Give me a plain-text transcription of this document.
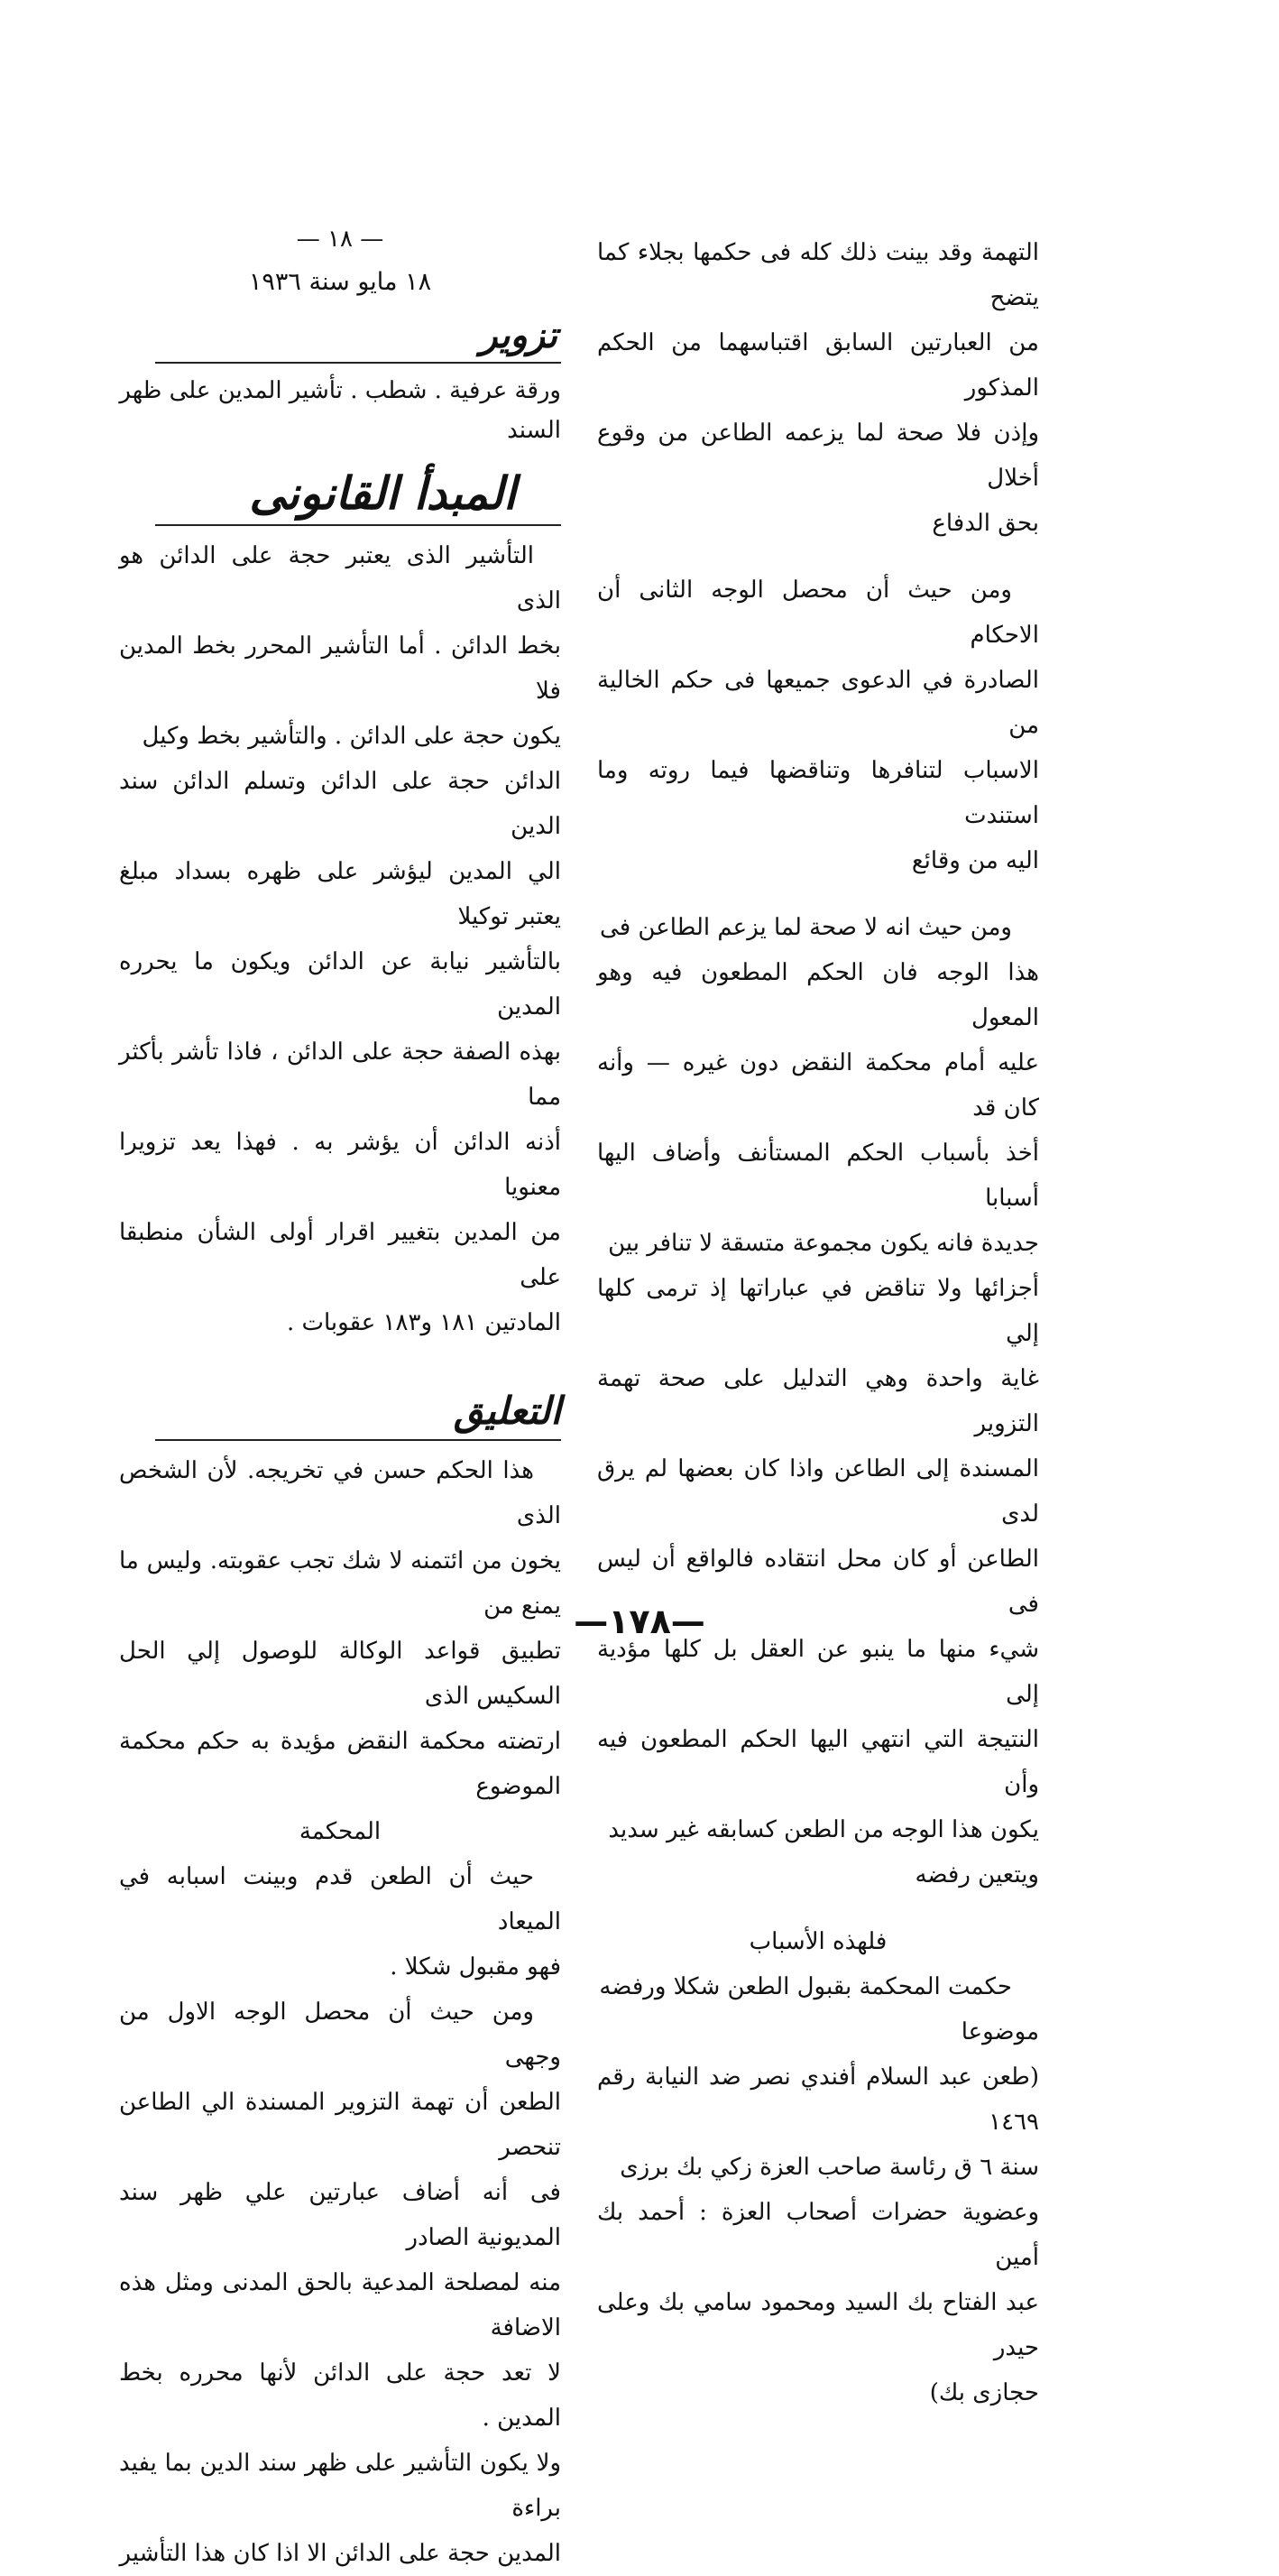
التهمة وقد بينت ذلك كله فى حكمها بجلاء كما يتضح

من العبارتين السابق اقتباسهما من الحكم المذكور

وإذن فلا صحة لما يزعمه الطاعن من وقوع أخلال

بحق الدفاع

ومن حيث أن محصل الوجه الثانى أن الاحكام

الصادرة في الدعوى جميعها فى حكم الخالية من

الاسباب لتنافرها وتناقضها فيما روته وما استندت

اليه من وقائع

ومن حيث انه لا صحة لما يزعم الطاعن فى

هذا الوجه فان الحكم المطعون فيه وهو المعول

عليه أمام محكمة النقض دون غيره — وأنه كان قد

أخذ بأسباب الحكم المستأنف وأضاف اليها أسبابا

جديدة فانه يكون مجموعة متسقة لا تنافر بين

أجزائها ولا تناقض في عباراتها إذ ترمى كلها إلي

غاية واحدة وهي التدليل على صحة تهمة التزوير

المسندة إلى الطاعن واذا كان بعضها لم يرق لدى

الطاعن أو كان محل انتقاده فالواقع أن ليس فى

شيء منها ما ينبو عن العقل بل كلها مؤدية إلى

النتيجة التي انتهي اليها الحكم المطعون فيه وأن

يكون هذا الوجه من الطعن كسابقه غير سديد

ويتعين رفضه

فلهذه الأسباب

حكمت المحكمة بقبول الطعن شكلا ورفضه

موضوعا

(طعن عبد السلام أفندي نصر ضد النيابة رقم ١٤٦٩

سنة ٦ ق رئاسة صاحب العزة زكي بك برزى

وعضوية حضرات أصحاب العزة : أحمد بك أمين

عبد الفتاح بك السيد ومحمود سامي بك وعلى حيدر

حجازى بك)

— ١٨ —

١٨ مايو سنة ١٩٣٦

تزوير

ورقة عرفية . شطب . تأشير المدين على ظهر السند

المبدأ القانونى

التأشير الذى يعتبر حجة على الدائن هو الذى

بخط الدائن . أما التأشير المحرر بخط المدين فلا

يكون حجة على الدائن . والتأشير بخط وكيل

الدائن حجة على الدائن وتسلم الدائن سند الدين

الي المدين ليؤشر على ظهره بسداد مبلغ يعتبر توكيلا

بالتأشير نيابة عن الدائن ويكون ما يحرره المدين

بهذه الصفة حجة على الدائن ، فاذا تأشر بأكثر مما

أذنه الدائن أن يؤشر به . فهذا يعد تزويرا معنويا

من المدين بتغيير اقرار أولى الشأن منطبقا على

المادتين ١٨١ و١٨٣ عقوبات .

التعليق

هذا الحكم حسن في تخريجه. لأن الشخص الذى

يخون من ائتمنه لا شك تجب عقوبته. وليس ما يمنع من

تطبيق قواعد الوكالة للوصول إلي الحل السكيس الذى

ارتضته محكمة النقض مؤيدة به حكم محكمة الموضوع

المحكمة

حيث أن الطعن قدم وبينت اسبابه في الميعاد

فهو مقبول شكلا .

ومن حيث أن محصل الوجه الاول من وجهى

الطعن أن تهمة التزوير المسندة الي الطاعن تنحصر

فى أنه أضاف عبارتين علي ظهر سند المديونية الصادر

منه لمصلحة المدعية بالحق المدنى ومثل هذه الاضافة

لا تعد حجة على الدائن لأنها محرره بخط المدين .

ولا يكون التأشير على ظهر سند الدين بما يفيد براءة

المدين حجة على الدائن الا اذا كان هذا التأشير

—١٧٨—
